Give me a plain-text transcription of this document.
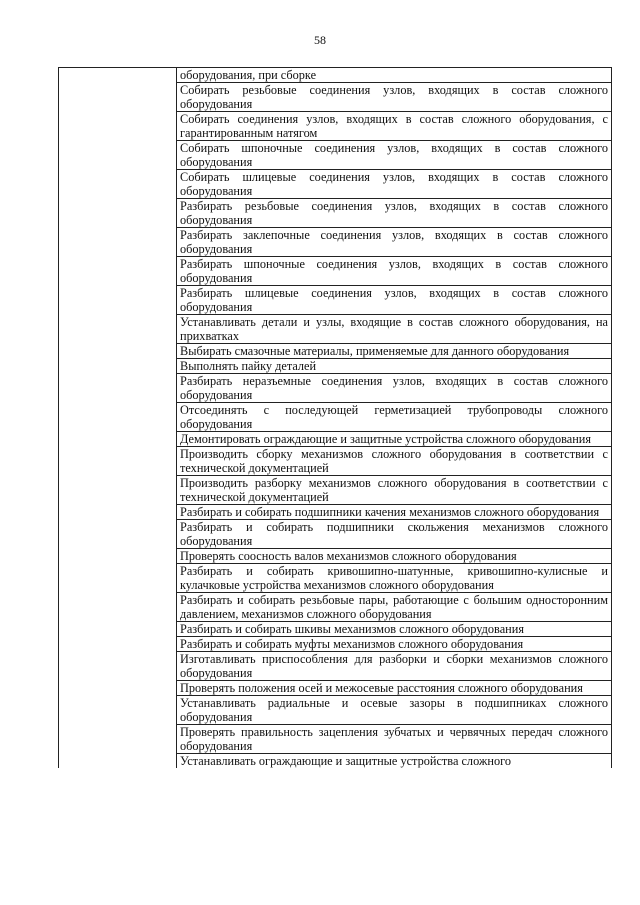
58
	оборудования, при сборке
Собирать резьбовые соединения узлов, входящих в состав сложного оборудования
Собирать соединения узлов, входящих в состав сложного оборудования, с гарантированным натягом
Собирать шпоночные соединения узлов, входящих в состав сложного оборудования
Собирать шлицевые соединения узлов, входящих в состав сложного оборудования
Разбирать резьбовые соединения узлов, входящих в состав сложного оборудования
Разбирать заклепочные соединения узлов, входящих в состав сложного оборудования
Разбирать шпоночные соединения узлов, входящих в состав сложного оборудования
Разбирать шлицевые соединения узлов, входящих в состав сложного оборудования
Устанавливать детали и узлы, входящие в состав сложного оборудования, на прихватках
Выбирать смазочные материалы, применяемые для данного оборудования
Выполнять пайку деталей
Разбирать неразъемные соединения узлов, входящих в состав сложного оборудования
Отсоединять с последующей герметизацией трубопроводы сложного оборудования
Демонтировать ограждающие и защитные устройства сложного оборудования
Производить сборку механизмов сложного оборудования в соответствии с технической документацией
Производить разборку механизмов сложного оборудования в соответствии с технической документацией
Разбирать и собирать подшипники качения механизмов сложного оборудования
Разбирать и собирать подшипники скольжения механизмов сложного оборудования
Проверять соосность валов механизмов сложного оборудования
Разбирать и собирать кривошипно-шатунные, кривошипно-кулисные и кулачковые устройства механизмов сложного оборудования
Разбирать и собирать резьбовые пары, работающие с большим односторонним давлением, механизмов сложного оборудования
Разбирать и собирать шкивы механизмов сложного оборудования
Разбирать и собирать муфты механизмов сложного оборудования
Изготавливать приспособления для разборки и сборки механизмов сложного оборудования
Проверять положения осей и межосевые расстояния сложного оборудования
Устанавливать радиальные и осевые зазоры в подшипниках сложного оборудования
Проверять правильность зацепления зубчатых и червячных передач сложного оборудования
Устанавливать ограждающие и защитные устройства сложного
